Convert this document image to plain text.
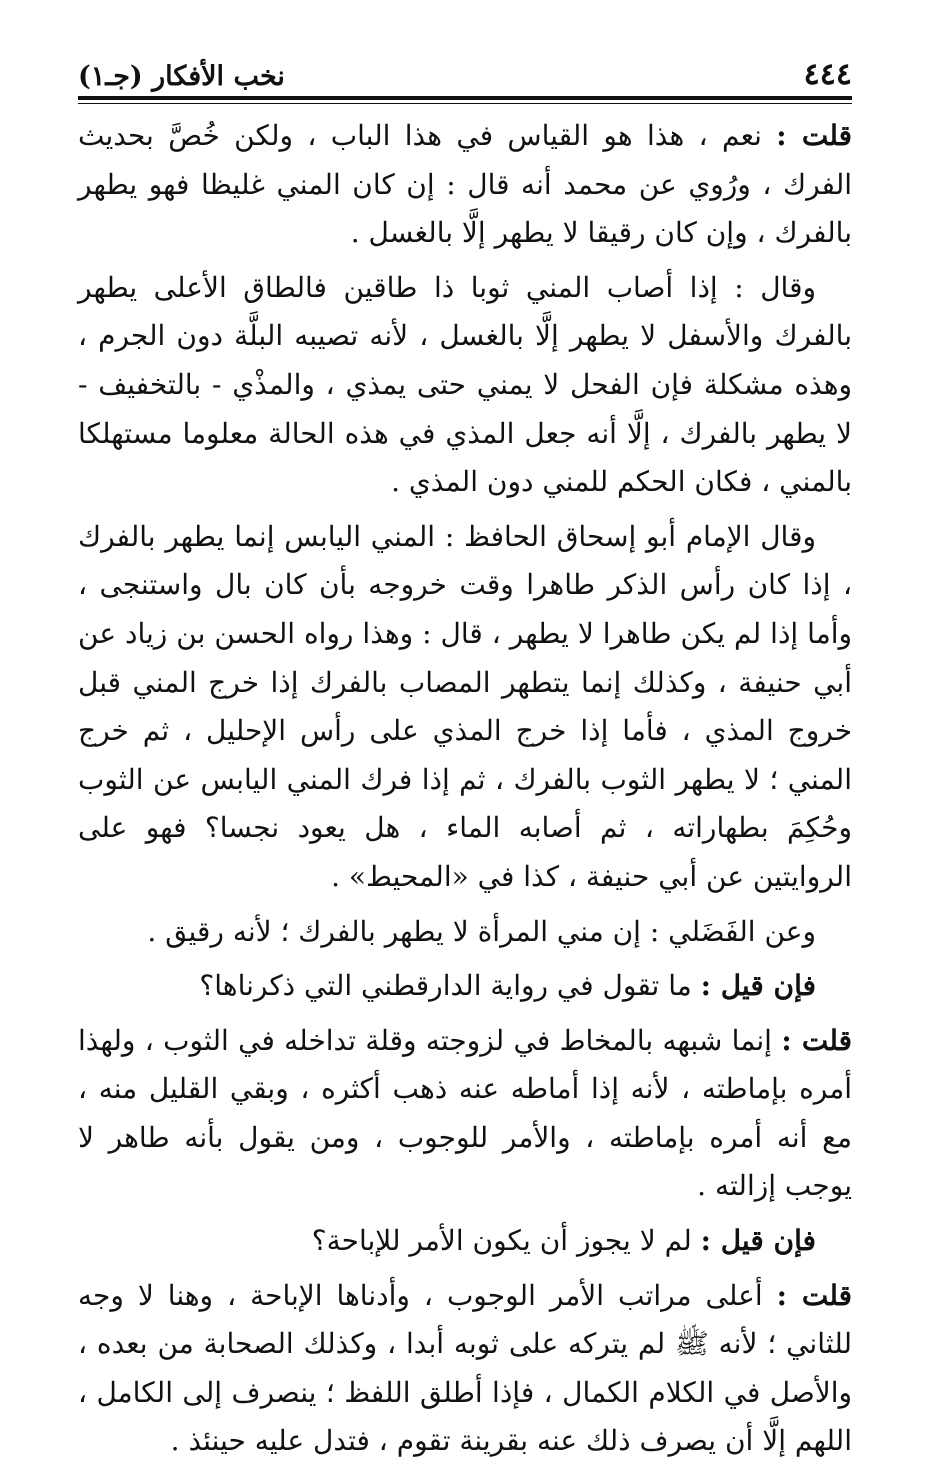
٤٤٤
نخب الأفكار (جـ١)

قلت : نعم ، هذا هو القياس في هذا الباب ، ولكن خُصَّ بحديث الفرك ، ورُوي عن محمد أنه قال : إن كان المني غليظا فهو يطهر بالفرك ، وإن كان رقيقا لا يطهر إلَّا بالغسل .

وقال : إذا أصاب المني ثوبا ذا طاقين فالطاق الأعلى يطهر بالفرك والأسفل لا يطهر إلَّا بالغسل ، لأنه تصيبه البلَّة دون الجرم ، وهذه مشكلة فإن الفحل لا يمني حتى يمذي ، والمذْي - بالتخفيف - لا يطهر بالفرك ، إلَّا أنه جعل المذي في هذه الحالة معلوما مستهلكا بالمني ، فكان الحكم للمني دون المذي .

وقال الإمام أبو إسحاق الحافظ : المني اليابس إنما يطهر بالفرك ، إذا كان رأس الذكر طاهرا وقت خروجه بأن كان بال واستنجى ، وأما إذا لم يكن طاهرا لا يطهر ، قال : وهذا رواه الحسن بن زياد عن أبي حنيفة ، وكذلك إنما يتطهر المصاب بالفرك إذا خرج المني قبل خروج المذي ، فأما إذا خرج المذي على رأس الإحليل ، ثم خرج المني ؛ لا يطهر الثوب بالفرك ، ثم إذا فرك المني اليابس عن الثوب وحُكِمَ بطهاراته ، ثم أصابه الماء ، هل يعود نجسا؟ فهو على الروايتين عن أبي حنيفة ، كذا في «المحيط» .

وعن الفَضَلي : إن مني المرأة لا يطهر بالفرك ؛ لأنه رقيق .

فإن قيل : ما تقول في رواية الدارقطني التي ذكرناها؟

قلت : إنما شبهه بالمخاط في لزوجته وقلة تداخله في الثوب ، ولهذا أمره بإماطته ، لأنه إذا أماطه عنه ذهب أكثره ، وبقي القليل منه ، مع أنه أمره بإماطته ، والأمر للوجوب ، ومن يقول بأنه طاهر لا يوجب إزالته .

فإن قيل : لم لا يجوز أن يكون الأمر للإباحة؟

قلت : أعلى مراتب الأمر الوجوب ، وأدناها الإباحة ، وهنا لا وجه للثاني ؛ لأنه ﷺ لم يتركه على ثوبه أبدا ، وكذلك الصحابة من بعده ، والأصل في الكلام الكمال ، فإذا أطلق اللفظ ؛ ينصرف إلى الكامل ، اللهم إلَّا أن يصرف ذلك عنه بقرينة تقوم ، فتدل عليه حينئذ .
